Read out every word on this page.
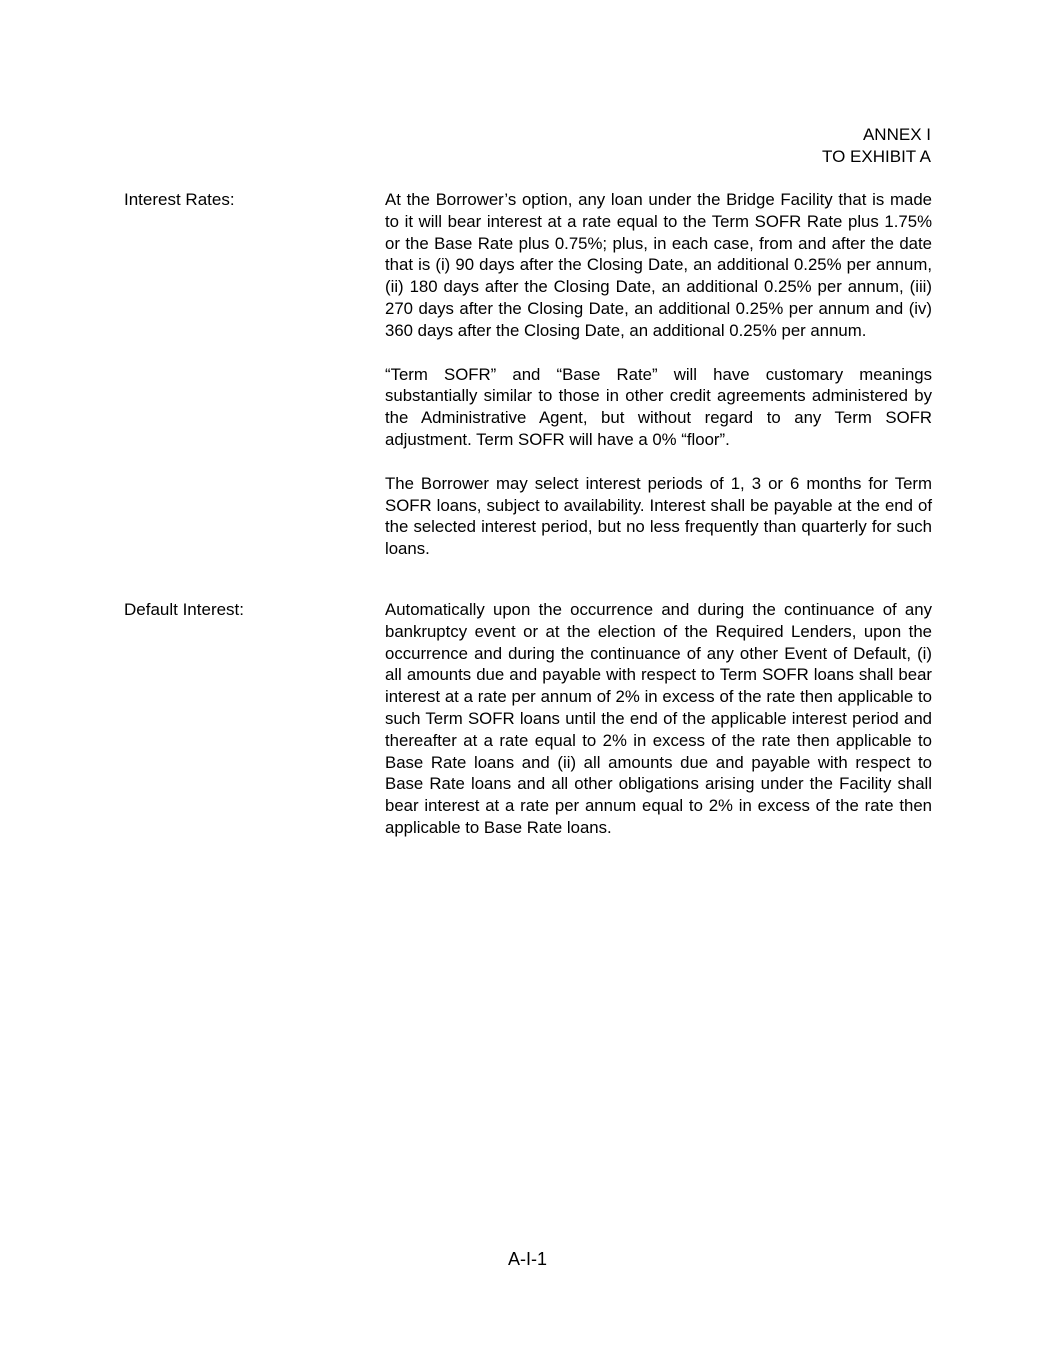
ANNEX I
TO EXHIBIT A
Interest Rates:	At the Borrower’s option, any loan under the Bridge Facility that is made to it will bear interest at a rate equal to the Term SOFR Rate plus 1.75% or the Base Rate plus 0.75%; plus, in each case, from and after the date that is (i) 90 days after the Closing Date, an additional 0.25% per annum, (ii) 180 days after the Closing Date, an additional 0.25% per annum, (iii) 270 days after the Closing Date, an additional 0.25% per annum and (iv) 360 days after the Closing Date, an additional 0.25% per annum.

“Term SOFR” and “Base Rate” will have customary meanings substantially similar to those in other credit agreements administered by the Administrative Agent, but without regard to any Term SOFR adjustment. Term SOFR will have a 0% “floor”.

The Borrower may select interest periods of 1, 3 or 6 months for Term SOFR loans, subject to availability. Interest shall be payable at the end of the selected interest period, but no less frequently than quarterly for such loans.

Default Interest:	Automatically upon the occurrence and during the continuance of any bankruptcy event or at the election of the Required Lenders, upon the occurrence and during the continuance of any other Event of Default, (i) all amounts due and payable with respect to Term SOFR loans shall bear interest at a rate per annum of 2% in excess of the rate then applicable to such Term SOFR loans until the end of the applicable interest period and thereafter at a rate equal to 2% in excess of the rate then applicable to Base Rate loans and (ii) all amounts due and payable with respect to Base Rate loans and all other obligations arising under the Facility shall bear interest at a rate per annum equal to 2% in excess of the rate then applicable to Base Rate loans.

A-I-1
